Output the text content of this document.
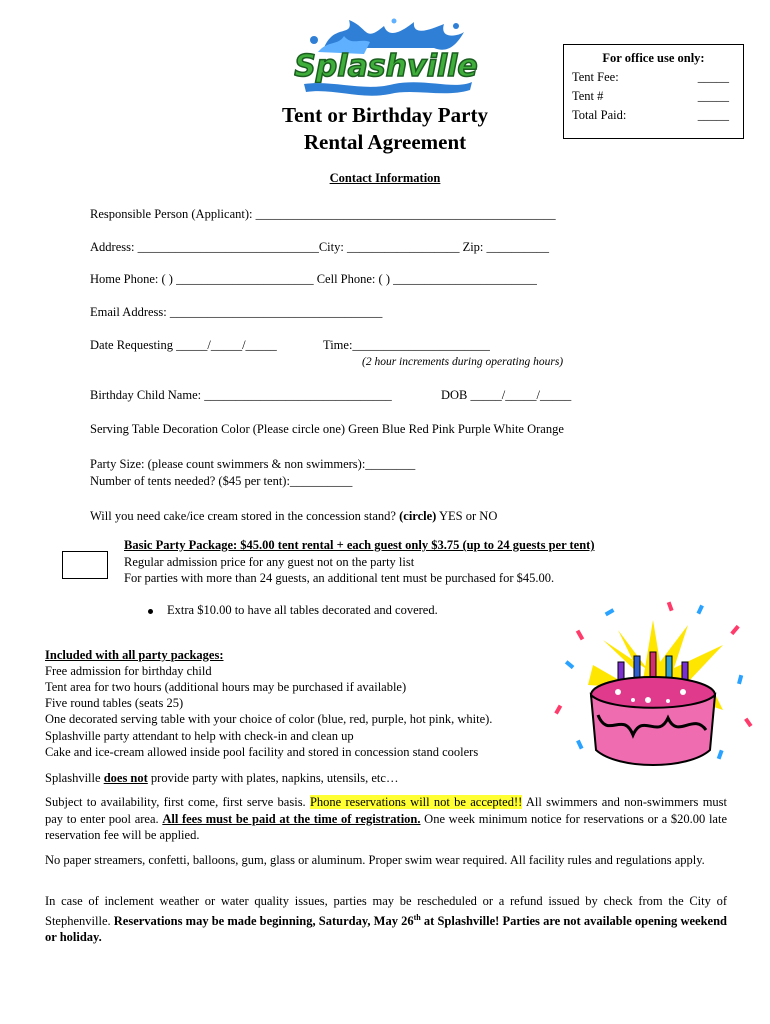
Splashville	For office use only:
Tent Fee:	_____
Tent #	_____
Total Paid:	_____
Tent or Birthday Party
Rental Agreement
Contact Information
Responsible Person (Applicant): ________________________________________________
Address: _____________________________City: __________________ Zip: __________
Home Phone: ( ) ______________________ Cell Phone: ( ) _______________________
Email Address: __________________________________
Date Requesting _____/_____/_____	Time:______________________
(2 hour increments during operating hours)
Birthday Child Name: ______________________________	DOB _____/_____/_____
Serving Table Decoration Color (Please circle one) Green Blue Red Pink Purple White Orange
Party Size: (please count swimmers & non swimmers):________
Number of tents needed? ($45 per tent):__________
Will you need cake/ice cream stored in the concession stand? (circle) YES or NO
Basic Party Package: $45.00 tent rental + each guest only $3.75 (up to 24 guests per tent)
Regular admission price for any guest not on the party list
For parties with more than 24 guests, an additional tent must be purchased for $45.00.
Extra $10.00 to have all tables decorated and covered.
Included with all party packages:
Free admission for birthday child
Tent area for two hours (additional hours may be purchased if available)
Five round tables (seats 25)
One decorated serving table with your choice of color (blue, red, purple, hot pink, white).
Splashville party attendant to help with check-in and clean up
Cake and ice-cream allowed inside pool facility and stored in concession stand coolers
Splashville does not provide party with plates, napkins, utensils, etc…
Subject to availability, first come, first serve basis. Phone reservations will not be accepted!! All swimmers and non-swimmers must pay to enter pool area. All fees must be paid at the time of registration. One week minimum notice for reservations or a $20.00 late reservation fee will be applied.
No paper streamers, confetti, balloons, gum, glass or aluminum. Proper swim wear required. All facility rules and regulations apply.
In case of inclement weather or water quality issues, parties may be rescheduled or a refund issued by check from the City of Stephenville. Reservations may be made beginning, Saturday, May 26th at Splashville! Parties are not available opening weekend or holiday.
